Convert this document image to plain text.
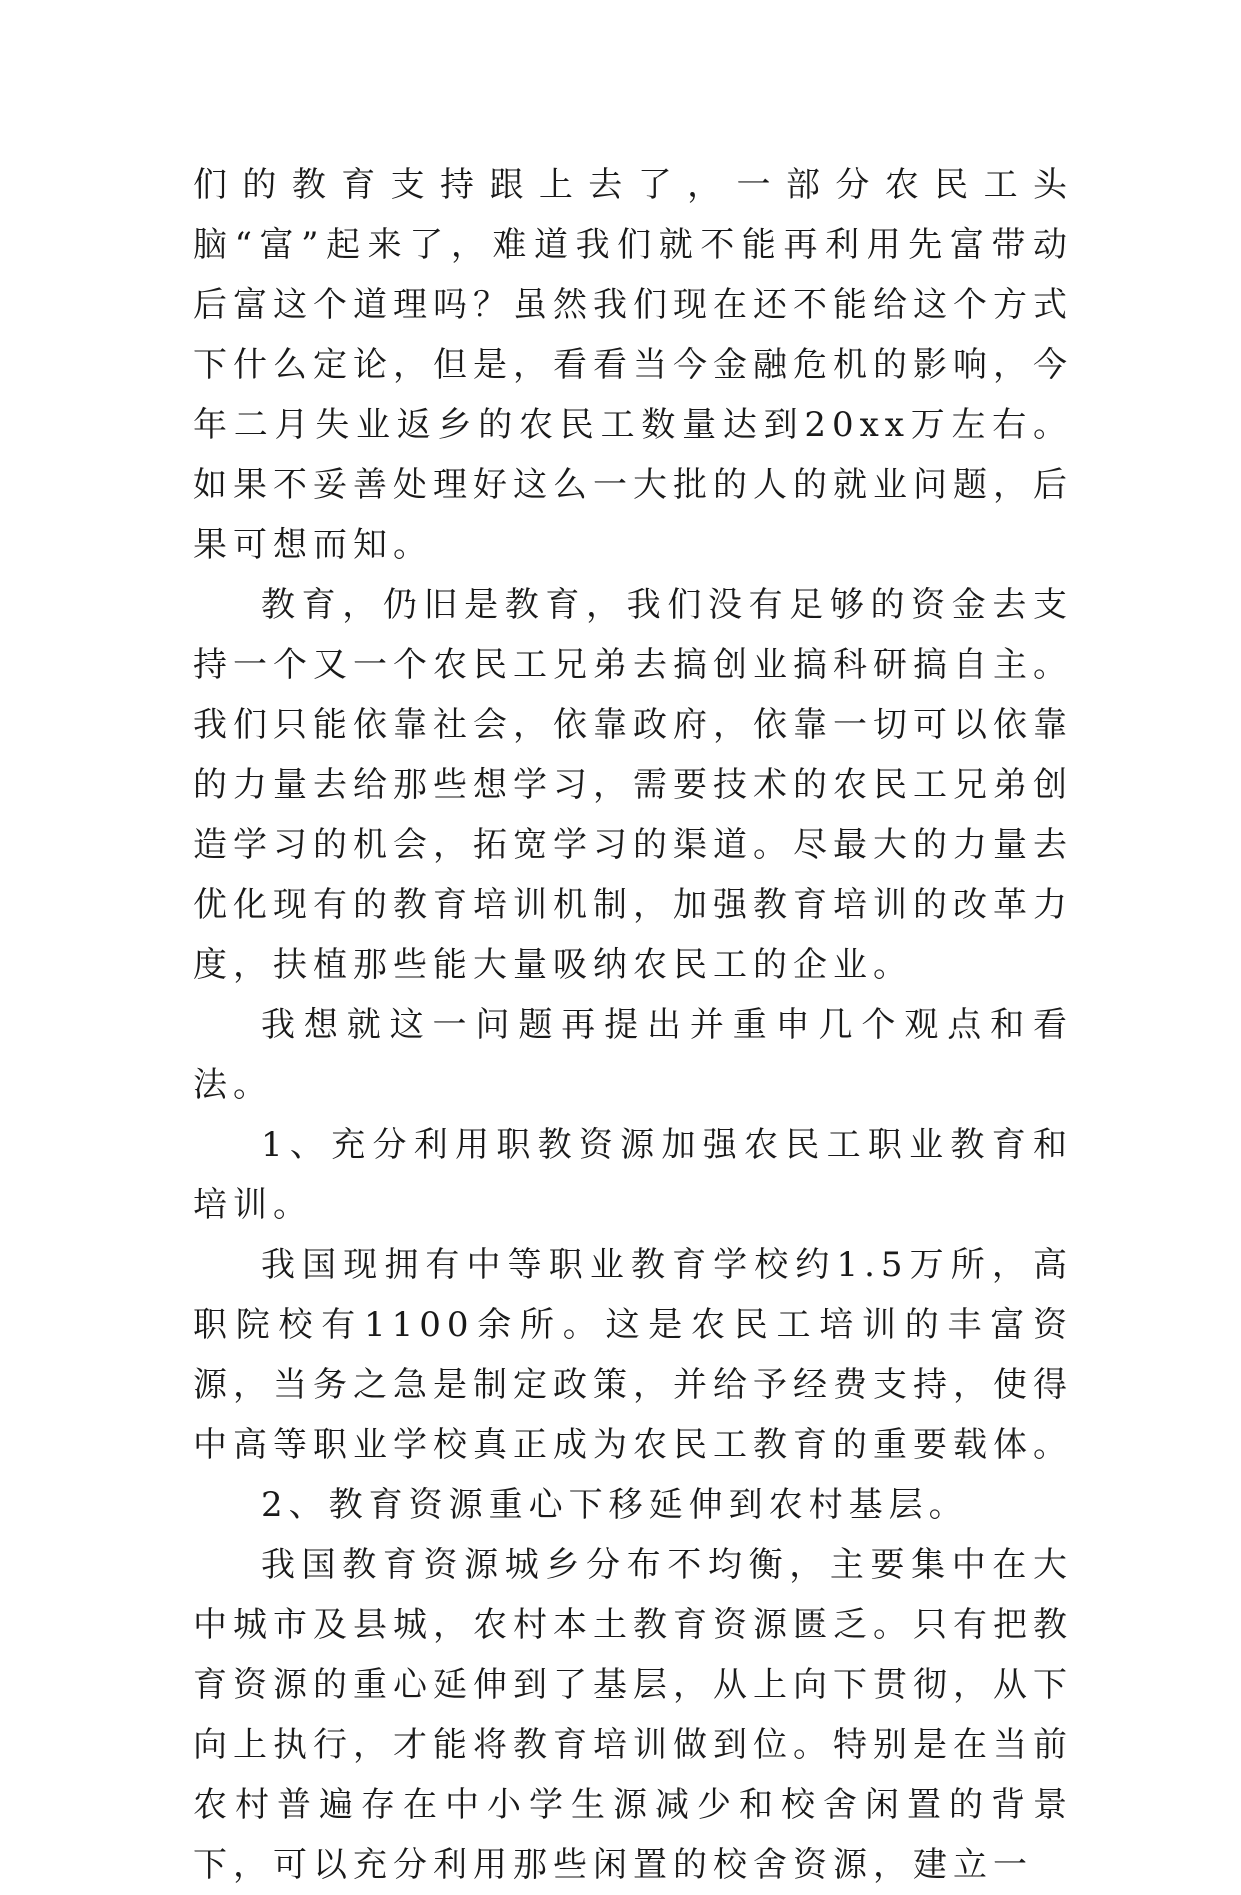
们的教育支持跟上去了，一部分农民工头脑“富”起来了，难道我们就不能再利用先富带动后富这个道理吗？虽然我们现在还不能给这个方式下什么定论，但是，看看当今金融危机的影响，今年二月失业返乡的农民工数量达到20xx万左右。如果不妥善处理好这么一大批的人的就业问题，后果可想而知。

教育，仍旧是教育，我们没有足够的资金去支持一个又一个农民工兄弟去搞创业搞科研搞自主。我们只能依靠社会，依靠政府，依靠一切可以依靠的力量去给那些想学习，需要技术的农民工兄弟创造学习的机会，拓宽学习的渠道。尽最大的力量去优化现有的教育培训机制，加强教育培训的改革力度，扶植那些能大量吸纳农民工的企业。

我想就这一问题再提出并重申几个观点和看法。

1、充分利用职教资源加强农民工职业教育和培训。

我国现拥有中等职业教育学校约1.5万所，高职院校有1100余所。这是农民工培训的丰富资源，当务之急是制定政策，并给予经费支持，使得中高等职业学校真正成为农民工教育的重要载体。

2、教育资源重心下移延伸到农村基层。

我国教育资源城乡分布不均衡，主要集中在大中城市及县城，农村本土教育资源匮乏。只有把教育资源的重心延伸到了基层，从上向下贯彻，从下向上执行，才能将教育培训做到位。特别是在当前农村普遍存在中小学生源减少和校舍闲置的背景下，可以充分利用那些闲置的校舍资源，建立一
